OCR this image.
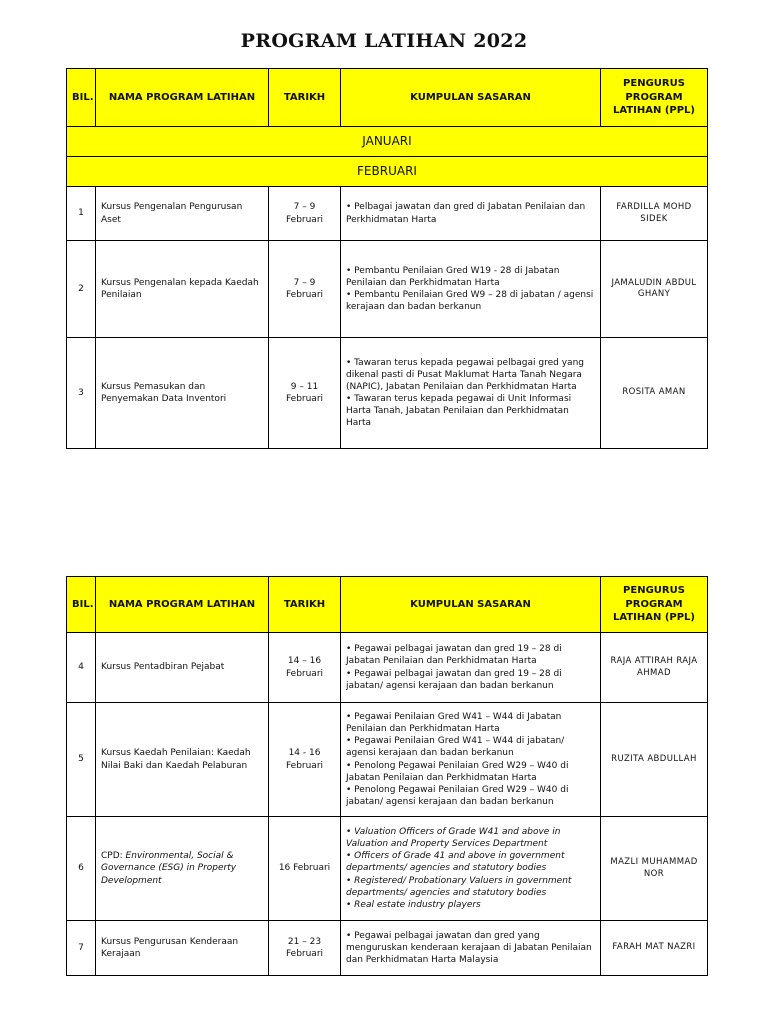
PROGRAM LATIHAN 2022
BIL.	NAMA PROGRAM LATIHAN	TARIKH	KUMPULAN SASARAN	PENGURUS PROGRAM LATIHAN (PPL)
JANUARI				
FEBRUARI				
1	Kursus Pengenalan Pengurusan Aset	7 – 9 Februari	• Pelbagai jawatan dan gred di Jabatan Penilaian dan Perkhidmatan Harta	FARDILLA MOHD SIDEK
2	Kursus Pengenalan kepada Kaedah Penilaian	7 – 9 Februari	• Pembantu Penilaian Gred W19 - 28 di Jabatan Penilaian dan Perkhidmatan Harta

• Pembantu Penilaian Gred W9 – 28 di jabatan / agensi kerajaan dan badan berkanun	JAMALUDIN ABDUL GHANY
3	Kursus Pemasukan dan Penyemakan Data Inventori	9 – 11 Februari	• Tawaran terus kepada pegawai pelbagai gred yang dikenal pasti di Pusat Maklumat Harta Tanah Negara (NAPIC), Jabatan Penilaian dan Perkhidmatan Harta

• Tawaran terus kepada pegawai di Unit Informasi Harta Tanah, Jabatan Penilaian dan Perkhidmatan Harta	ROSITA AMAN
BIL.	NAMA PROGRAM LATIHAN	TARIKH	KUMPULAN SASARAN	PENGURUS PROGRAM LATIHAN (PPL)
4	Kursus Pentadbiran Pejabat	14 – 16 Februari	• Pegawai pelbagai jawatan dan gred 19 – 28 di Jabatan Penilaian dan Perkhidmatan Harta

• Pegawai pelbagai jawatan dan gred 19 – 28 di jabatan/ agensi kerajaan dan badan berkanun	RAJA ATTIRAH RAJA AHMAD
5	Kursus Kaedah Penilaian: Kaedah Nilai Baki dan Kaedah Pelaburan	14 - 16 Februari	• Pegawai Penilaian Gred W41 – W44 di Jabatan Penilaian dan Perkhidmatan Harta

• Pegawai Penilaian Gred W41 – W44 di jabatan/ agensi kerajaan dan badan berkanun

• Penolong Pegawai Penilaian Gred W29 – W40 di Jabatan Penilaian dan Perkhidmatan Harta

• Penolong Pegawai Penilaian Gred W29 – W40 di jabatan/ agensi kerajaan dan badan berkanun	RUZITA ABDULLAH
6	CPD: Environmental, Social & Governance (ESG) in Property Development	16 Februari	• Valuation Officers of Grade W41 and above in Valuation and Property Services Department

• Officers of Grade 41 and above in government departments/ agencies and statutory bodies

• Registered/ Probationary Valuers in government departments/ agencies and statutory bodies

• Real estate industry players	MAZLI MUHAMMAD NOR
7	Kursus Pengurusan Kenderaan Kerajaan	21 – 23 Februari	• Pegawai pelbagai jawatan dan gred yang menguruskan kenderaan kerajaan di Jabatan Penilaian dan Perkhidmatan Harta Malaysia	FARAH MAT NAZRI
